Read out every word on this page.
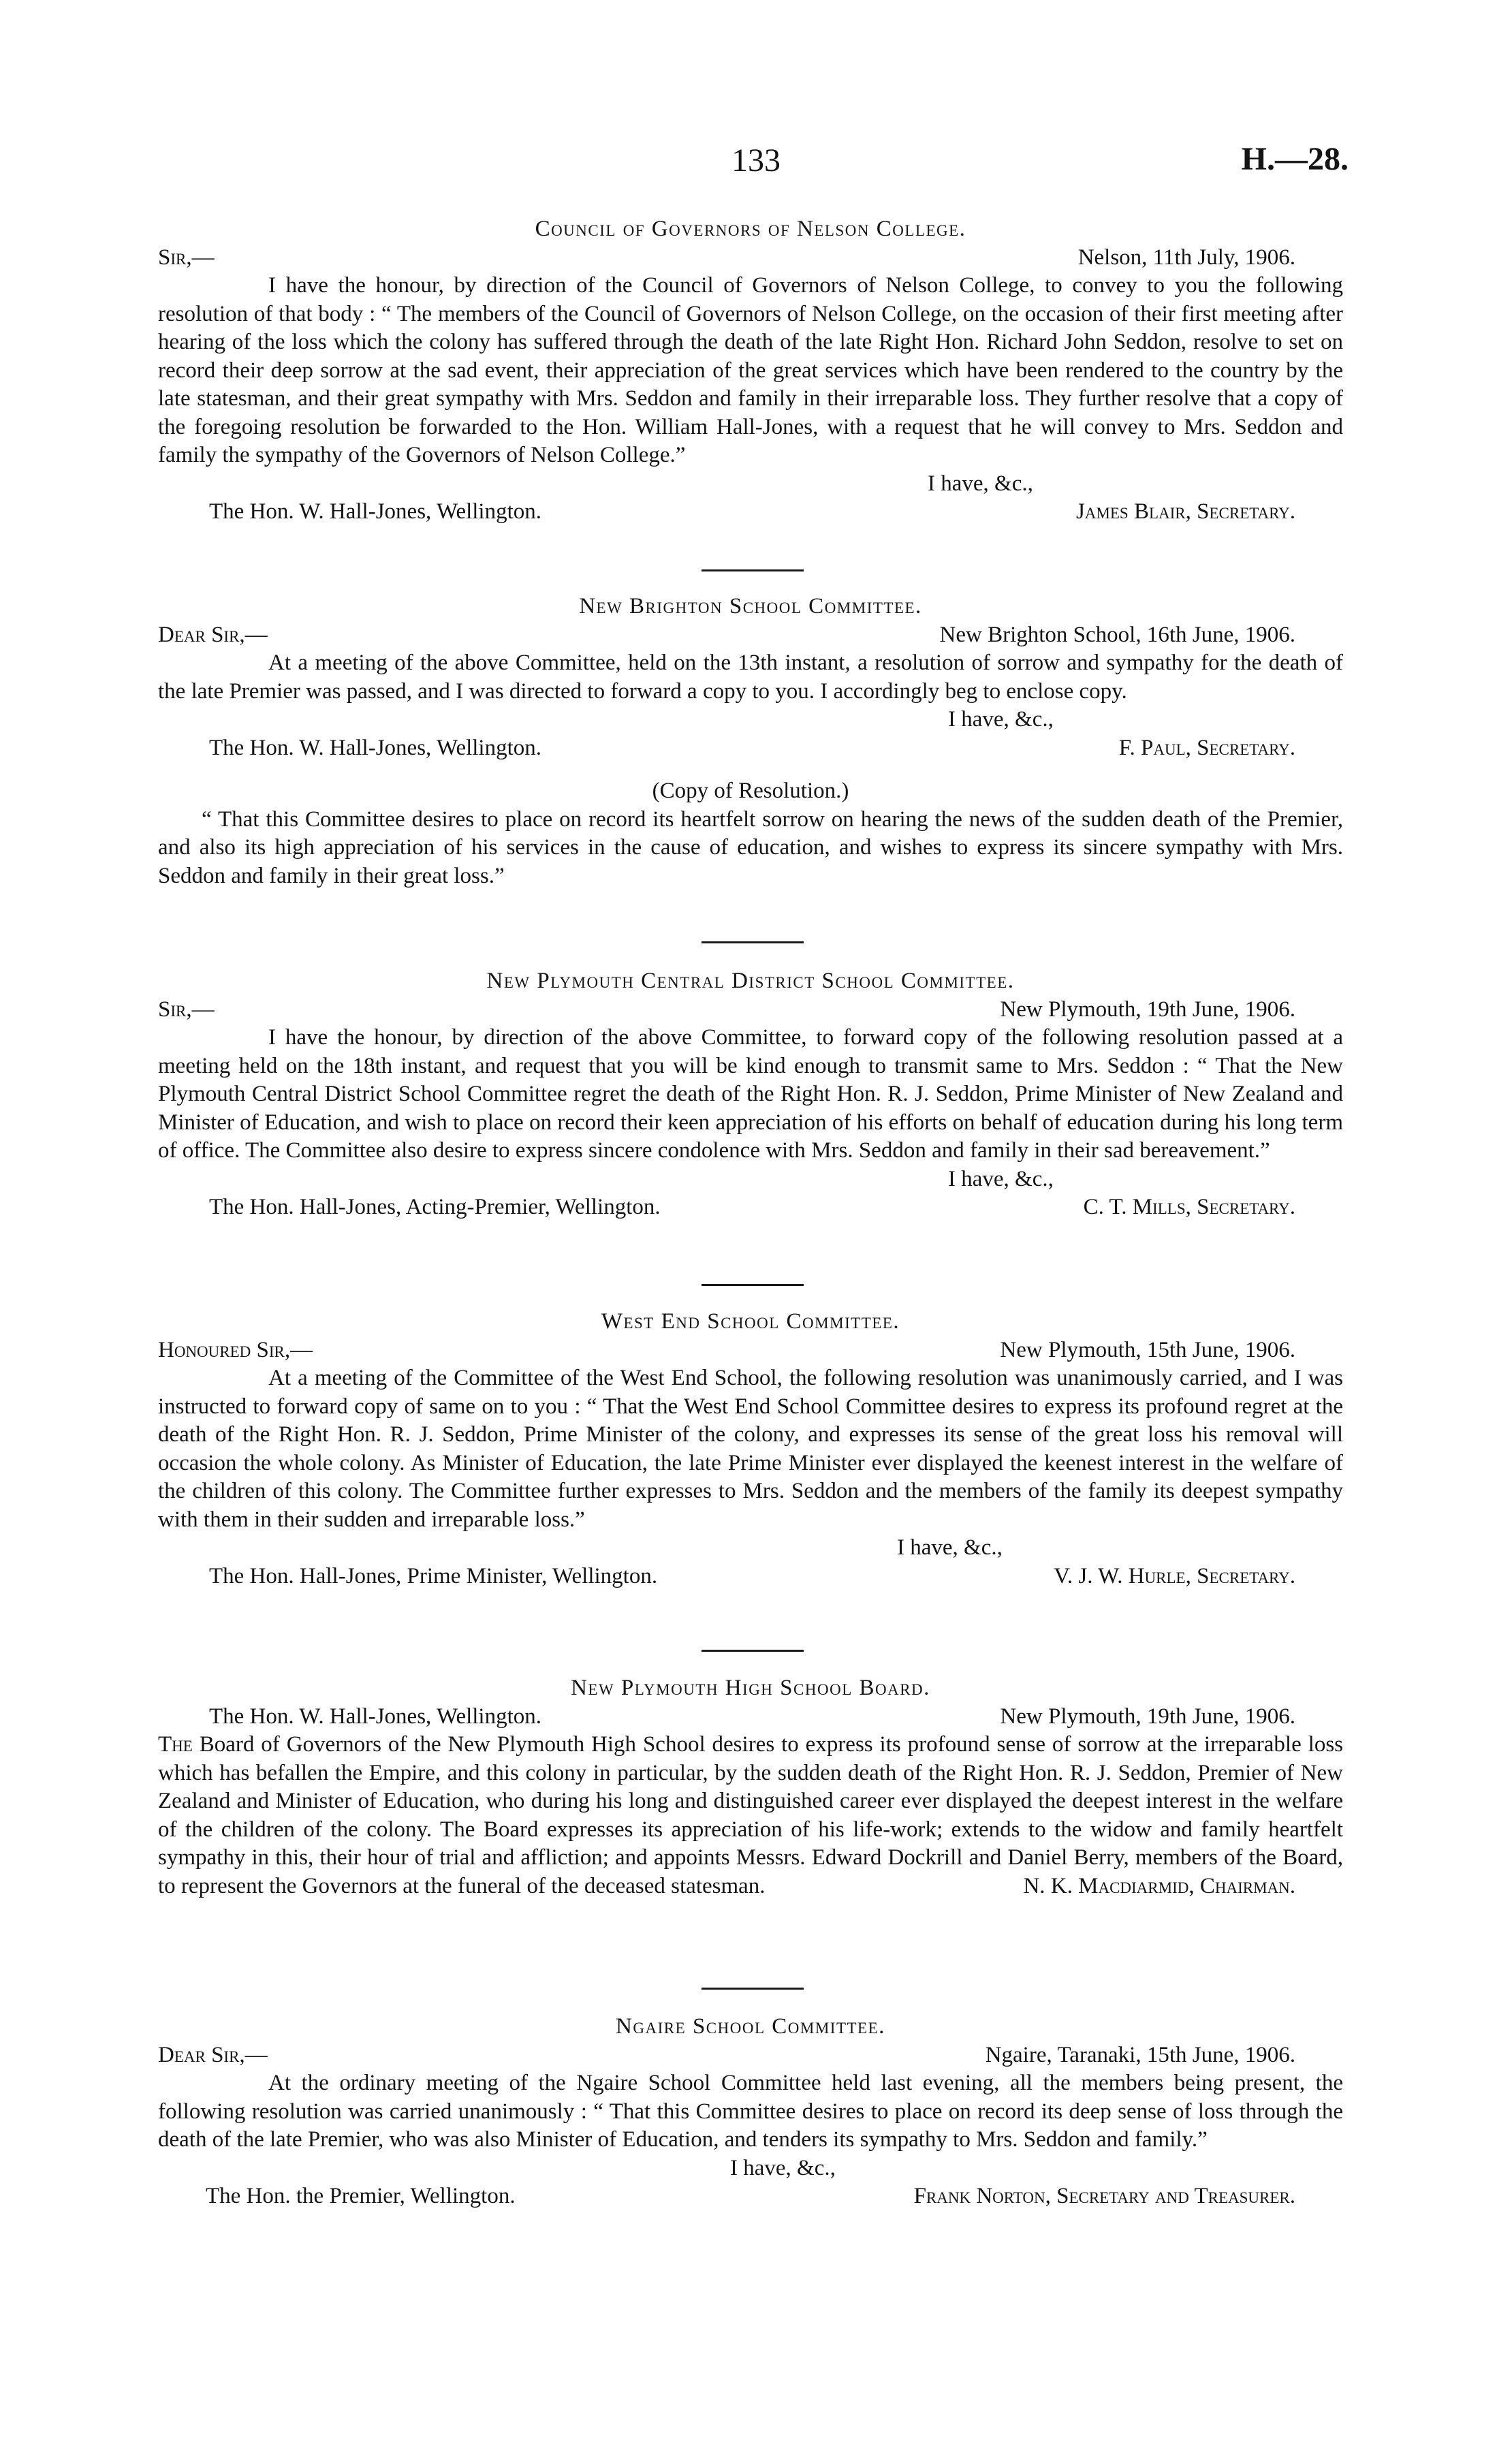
133	H.—28.
Council of Governors of Nelson College.
Sir,—	Nelson, 11th July, 1906.
I have the honour, by direction of the Council of Governors of Nelson College, to convey to you the following resolution of that body : “ The members of the Council of Governors of Nelson College, on the occasion of their first meeting after hearing of the loss which the colony has suffered through the death of the late Right Hon. Richard John Seddon, resolve to set on record their deep sorrow at the sad event, their appreciation of the great services which have been rendered to the country by the late statesman, and their great sympathy with Mrs. Seddon and family in their irreparable loss. They further resolve that a copy of the foregoing resolution be forwarded to the Hon. William Hall-Jones, with a request that he will convey to Mrs. Seddon and family the sympathy of the Governors of Nelson College.”
I have, &c.,
The Hon. W. Hall-Jones, Wellington.	James Blair, Secretary.
New Brighton School Committee.
Dear Sir,—	New Brighton School, 16th June, 1906.
At a meeting of the above Committee, held on the 13th instant, a resolution of sorrow and sympathy for the death of the late Premier was passed, and I was directed to forward a copy to you. I accordingly beg to enclose copy.
I have, &c.,
The Hon. W. Hall-Jones, Wellington.	F. Paul, Secretary.
(Copy of Resolution.)
“ That this Committee desires to place on record its heartfelt sorrow on hearing the news of the sudden death of the Premier, and also its high appreciation of his services in the cause of education, and wishes to express its sincere sympathy with Mrs. Seddon and family in their great loss.”
New Plymouth Central District School Committee.
Sir,—	New Plymouth, 19th June, 1906.
I have the honour, by direction of the above Committee, to forward copy of the following resolution passed at a meeting held on the 18th instant, and request that you will be kind enough to transmit same to Mrs. Seddon : “ That the New Plymouth Central District School Committee regret the death of the Right Hon. R. J. Seddon, Prime Minister of New Zealand and Minister of Education, and wish to place on record their keen appreciation of his efforts on behalf of education during his long term of office. The Committee also desire to express sincere condolence with Mrs. Seddon and family in their sad bereavement.”
I have, &c.,
The Hon. Hall-Jones, Acting-Premier, Wellington.	C. T. Mills, Secretary.
West End School Committee.
Honoured Sir,—	New Plymouth, 15th June, 1906.
At a meeting of the Committee of the West End School, the following resolution was unanimously carried, and I was instructed to forward copy of same on to you : “ That the West End School Committee desires to express its profound regret at the death of the Right Hon. R. J. Seddon, Prime Minister of the colony, and expresses its sense of the great loss his removal will occasion the whole colony. As Minister of Education, the late Prime Minister ever displayed the keenest interest in the welfare of the children of this colony. The Committee further expresses to Mrs. Seddon and the members of the family its deepest sympathy with them in their sudden and irreparable loss.”
I have, &c.,
The Hon. Hall-Jones, Prime Minister, Wellington.	V. J. W. Hurle, Secretary.
New Plymouth High School Board.
The Hon. W. Hall-Jones, Wellington.	New Plymouth, 19th June, 1906.
The Board of Governors of the New Plymouth High School desires to express its profound sense of sorrow at the irreparable loss which has befallen the Empire, and this colony in particular, by the sudden death of the Right Hon. R. J. Seddon, Premier of New Zealand and Minister of Education, who during his long and distinguished career ever displayed the deepest interest in the welfare of the children of the colony. The Board expresses its appreciation of his life-work; extends to the widow and family heartfelt sympathy in this, their hour of trial and affliction; and appoints Messrs. Edward Dockrill and Daniel Berry, members of the Board, to represent the Governors at the funeral of the deceased statesman.	N. K. Macdiarmid, Chairman.
Ngaire School Committee.
Dear Sir,—	Ngaire, Taranaki, 15th June, 1906.
At the ordinary meeting of the Ngaire School Committee held last evening, all the members being present, the following resolution was carried unanimously : “ That this Committee desires to place on record its deep sense of loss through the death of the late Premier, who was also Minister of Education, and tenders its sympathy to Mrs. Seddon and family.”
I have, &c.,
The Hon. the Premier, Wellington.	Frank Norton, Secretary and Treasurer.
